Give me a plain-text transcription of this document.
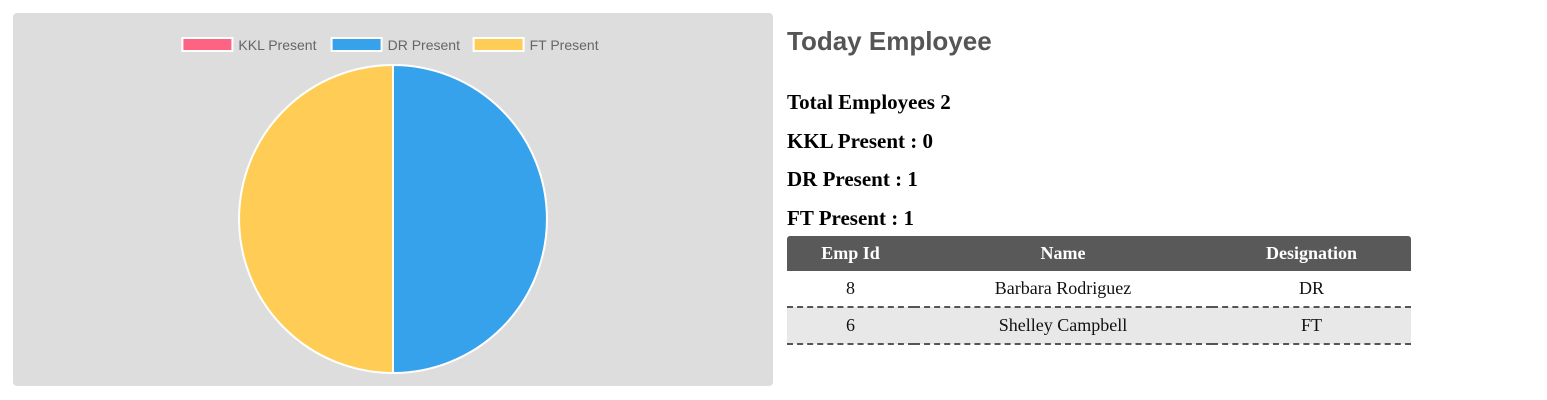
KKL Present	DR Present	FT Present	Today Employee
Total Employees 2
KKL Present : 0
DR Present : 1
FT Present : 1
Emp Id	Name	Designation
8	Barbara Rodriguez	DR
6	Shelley Campbell	FT
